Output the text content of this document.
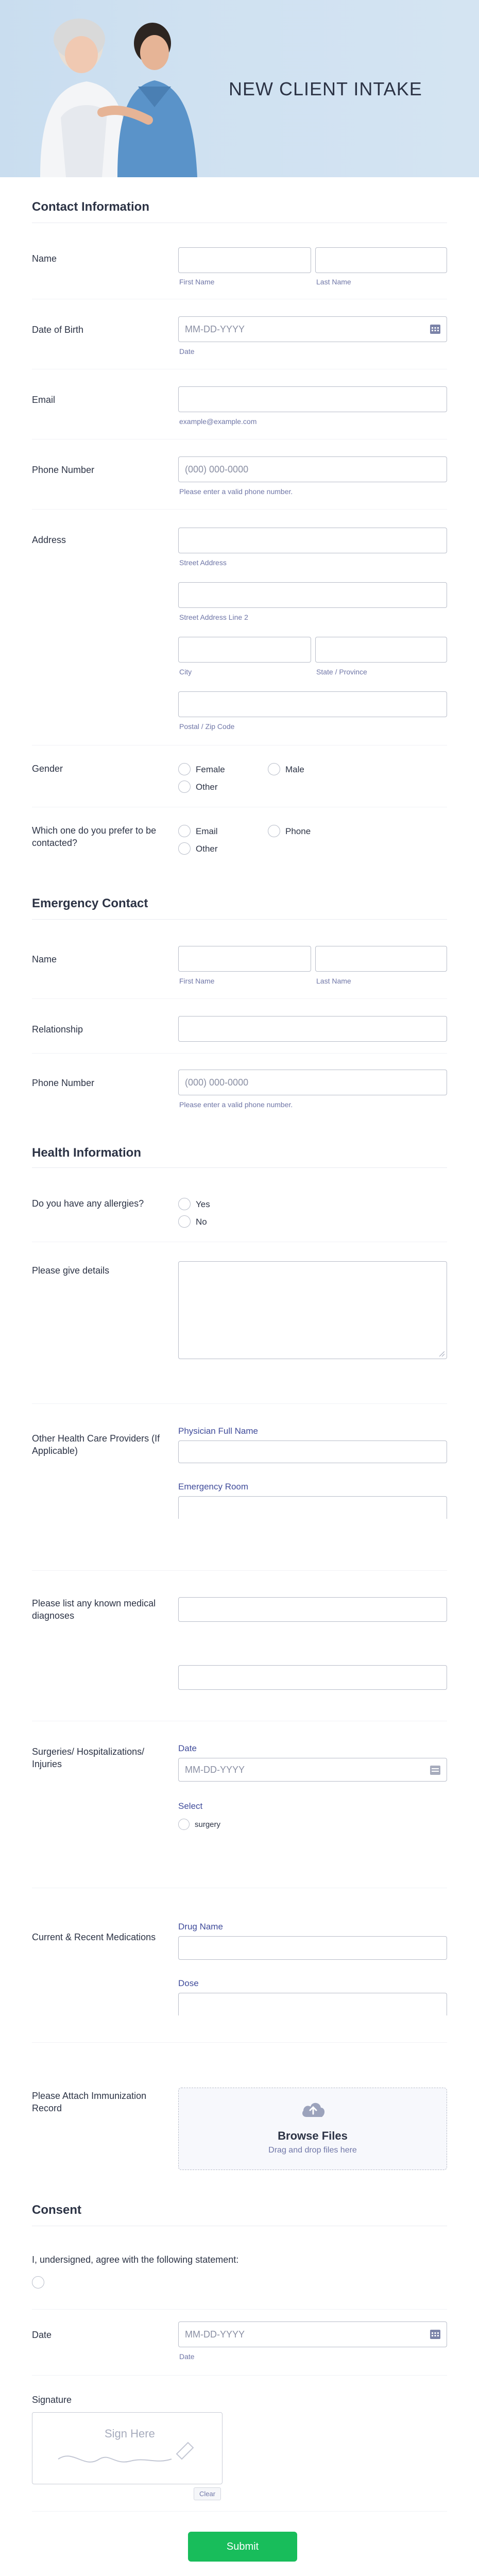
NEW CLIENT INTAKE
Contact Information
Name
First Name	Last Name
Date of Birth	MM-DD-YYYY
Date
Email
example@example.com
Phone Number	(000) 000-0000
Please enter a valid phone number.
Address
Street Address
Street Address Line 2
City	State / Province
Postal / Zip Code
Gender	Female	Male
Other
Which one do you prefer to be contacted?
Email	Phone
Other
Emergency Contact
Name
First Name	Last Name
Relationship
Phone Number	(000) 000-0000
Please enter a valid phone number.
Health Information
Do you have any allergies?	Yes
No
Please give details
Other Health Care Providers (If Applicable)
Physician Full Name
Emergency Room
Please list any known medical diagnoses
Surgeries/ Hospitalizations/ Injuries
Date
MM-DD-YYYY
Select
surgery
Current & Recent Medications
Drug Name
Dose
Please Attach Immunization Record
Browse Files
Drag and drop files here
Consent
I, undersigned, agree with the following statement:
Date	MM-DD-YYYY
Date
Signature
Sign Here
Clear
Submit
